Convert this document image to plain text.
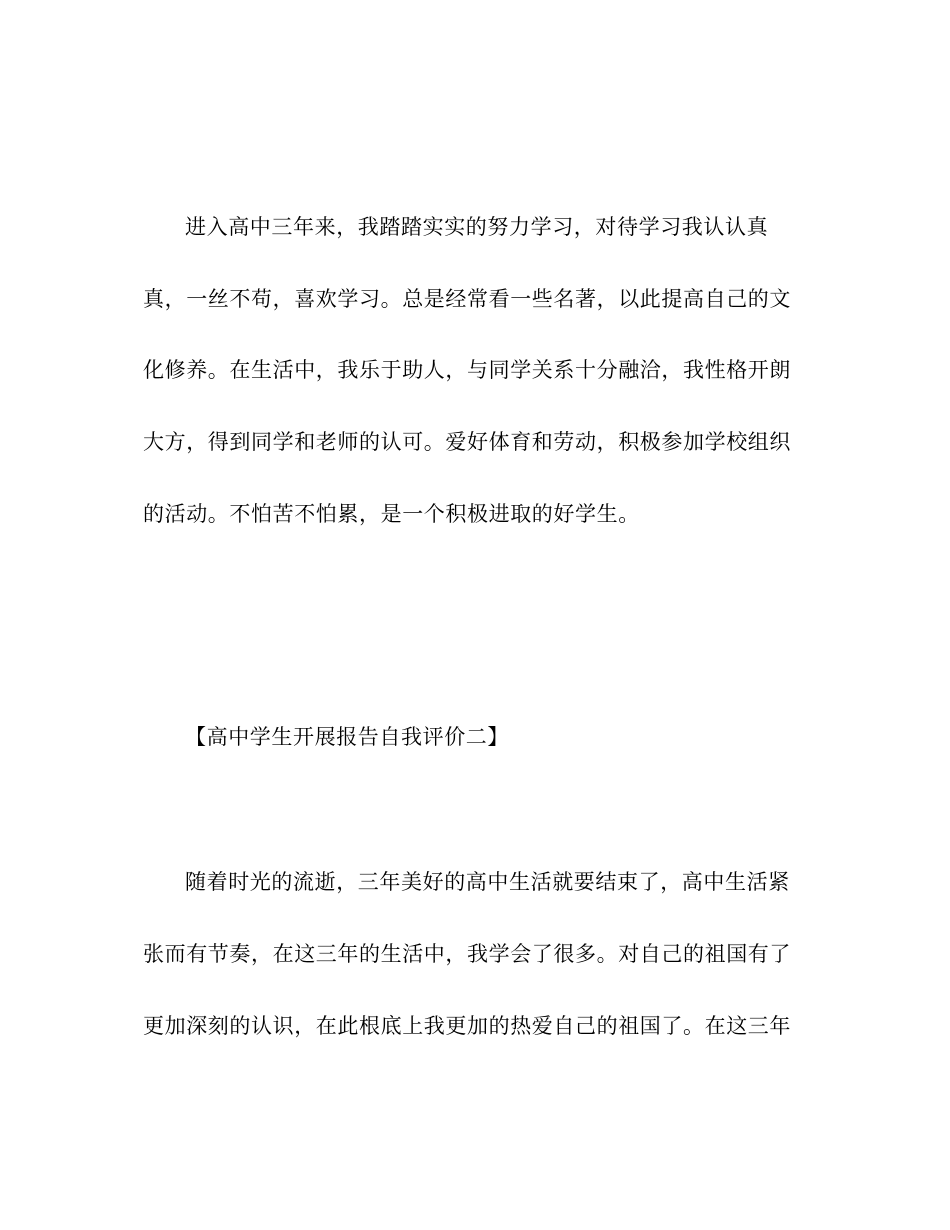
进入高中三年来，我踏踏实实的努力学习，对待学习我认认真
真，一丝不苟，喜欢学习。总是经常看一些名著，以此提高自己的文
化修养。在生活中，我乐于助人，与同学关系十分融洽，我性格开朗
大方，得到同学和老师的认可。爱好体育和劳动，积极参加学校组织
的活动。不怕苦不怕累，是一个积极进取的好学生。
【高中学生开展报告自我评价二】
随着时光的流逝，三年美好的高中生活就要结束了，高中生活紧
张而有节奏，在这三年的生活中，我学会了很多。对自己的祖国有了
更加深刻的认识，在此根底上我更加的热爱自己的祖国了。在这三年
